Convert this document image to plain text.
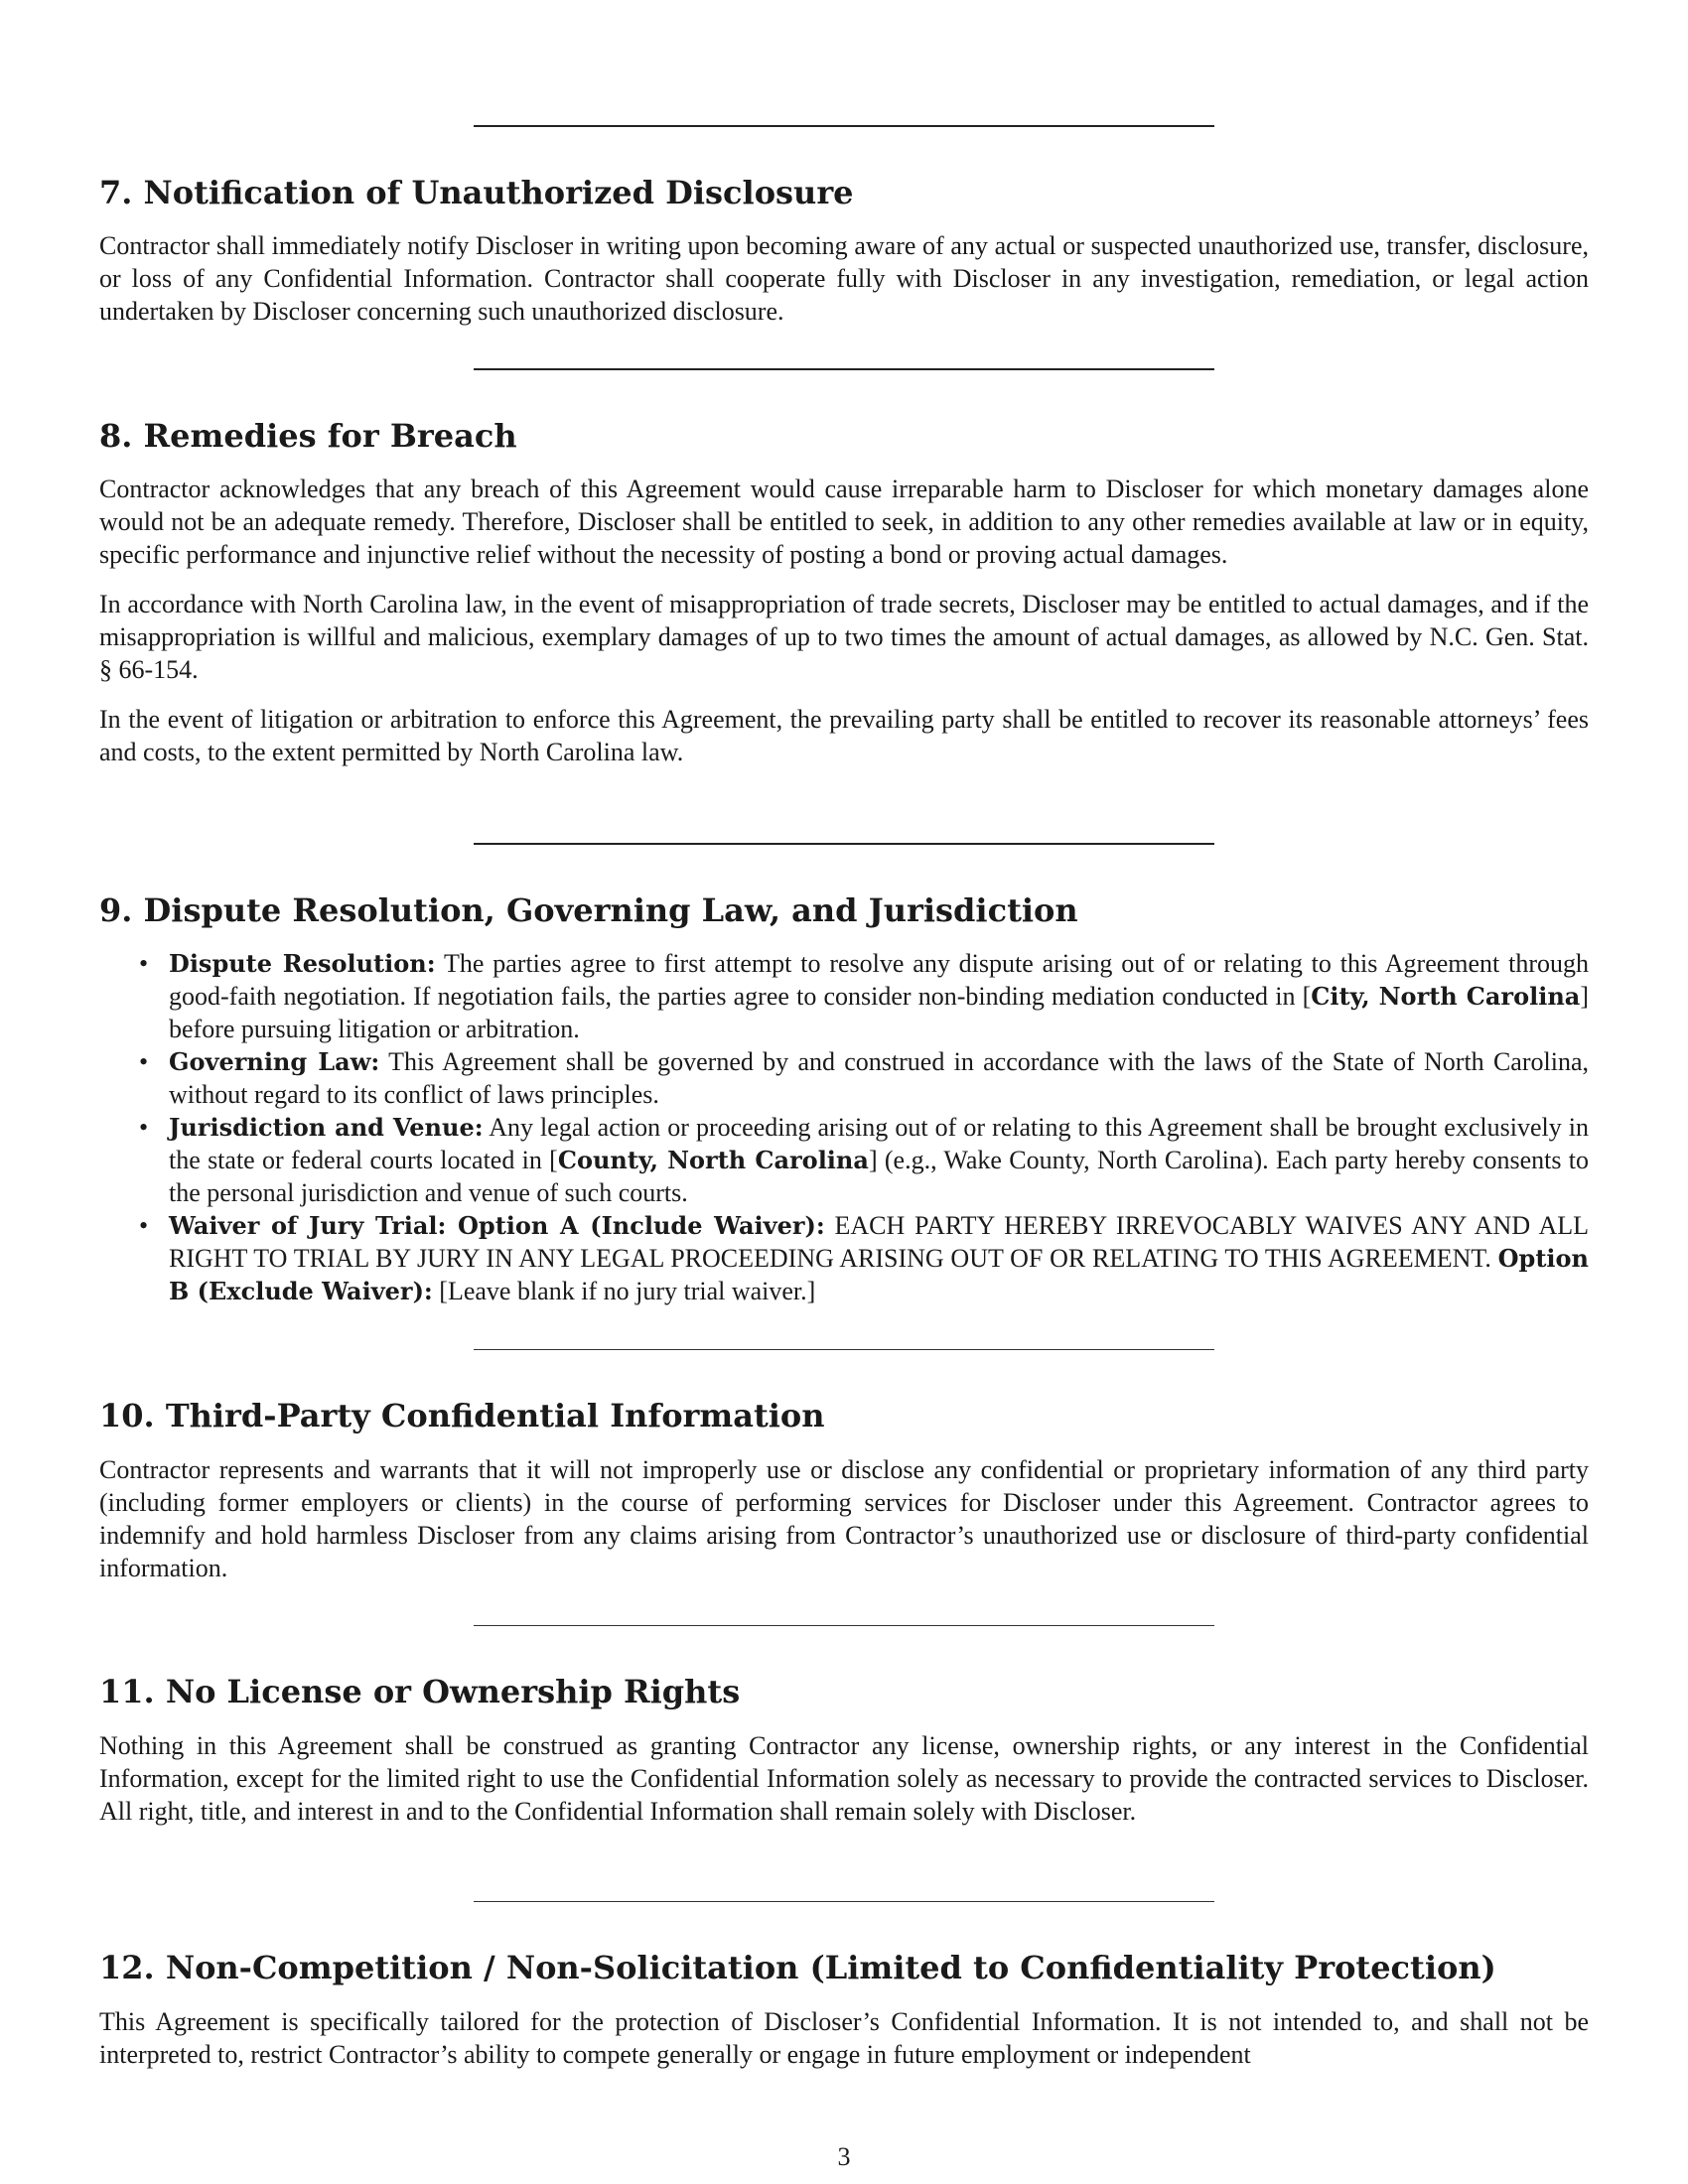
7. Notification of Unauthorized Disclosure

Contractor shall immediately notify Discloser in writing upon becoming aware of any actual or suspected unauthorized use, transfer, disclosure, or loss of any Confidential Information. Contractor shall cooperate fully with Discloser in any investigation, remediation, or legal action undertaken by Discloser concerning such unauthorized disclosure.

8. Remedies for Breach

Contractor acknowledges that any breach of this Agreement would cause irreparable harm to Discloser for which monetary damages alone would not be an adequate remedy. Therefore, Discloser shall be entitled to seek, in addition to any other remedies available at law or in equity, specific performance and injunctive relief without the necessity of posting a bond or proving actual damages.

In accordance with North Carolina law, in the event of misappropriation of trade secrets, Discloser may be entitled to actual damages, and if the misappropriation is willful and malicious, exemplary damages of up to two times the amount of actual damages, as allowed by N.C. Gen. Stat. § 66-154.

In the event of litigation or arbitration to enforce this Agreement, the prevailing party shall be entitled to recover its reasonable attorneys’ fees and costs, to the extent permitted by North Carolina law.

9. Dispute Resolution, Governing Law, and Jurisdiction
• Dispute Resolution: The parties agree to first attempt to resolve any dispute arising out of or relating to this Agreement through good-faith negotiation. If negotiation fails, the parties agree to consider non-binding mediation conducted in [City, North Carolina] before pursuing litigation or arbitration.
• Governing Law: This Agreement shall be governed by and construed in accordance with the laws of the State of North Carolina, without regard to its conflict of laws principles.
• Jurisdiction and Venue: Any legal action or proceeding arising out of or relating to this Agreement shall be brought exclusively in the state or federal courts located in [County, North Carolina] (e.g., Wake County, North Carolina). Each party hereby consents to the personal jurisdiction and venue of such courts.
• Waiver of Jury Trial: Option A (Include Waiver): EACH PARTY HEREBY IRREVOCABLY WAIVES ANY AND ALL RIGHT TO TRIAL BY JURY IN ANY LEGAL PROCEEDING ARISING OUT OF OR RELATING TO THIS AGREEMENT. Option B (Exclude Waiver): [Leave blank if no jury trial waiver.]
10. Third-Party Confidential Information

Contractor represents and warrants that it will not improperly use or disclose any confidential or proprietary information of any third party (including former employers or clients) in the course of performing services for Discloser under this Agreement. Contractor agrees to indemnify and hold harmless Discloser from any claims arising from Contractor’s unauthorized use or disclosure of third-party confidential information.

11. No License or Ownership Rights

Nothing in this Agreement shall be construed as granting Contractor any license, ownership rights, or any interest in the Confidential Information, except for the limited right to use the Confidential Information solely as necessary to provide the contracted services to Discloser. All right, title, and interest in and to the Confidential Information shall remain solely with Discloser.

12. Non-Competition / Non-Solicitation (Limited to Confidentiality Protection)

This Agreement is specifically tailored for the protection of Discloser’s Confidential Information. It is not intended to, and shall not be interpreted to, restrict Contractor’s ability to compete generally or engage in future employment or independent

3
